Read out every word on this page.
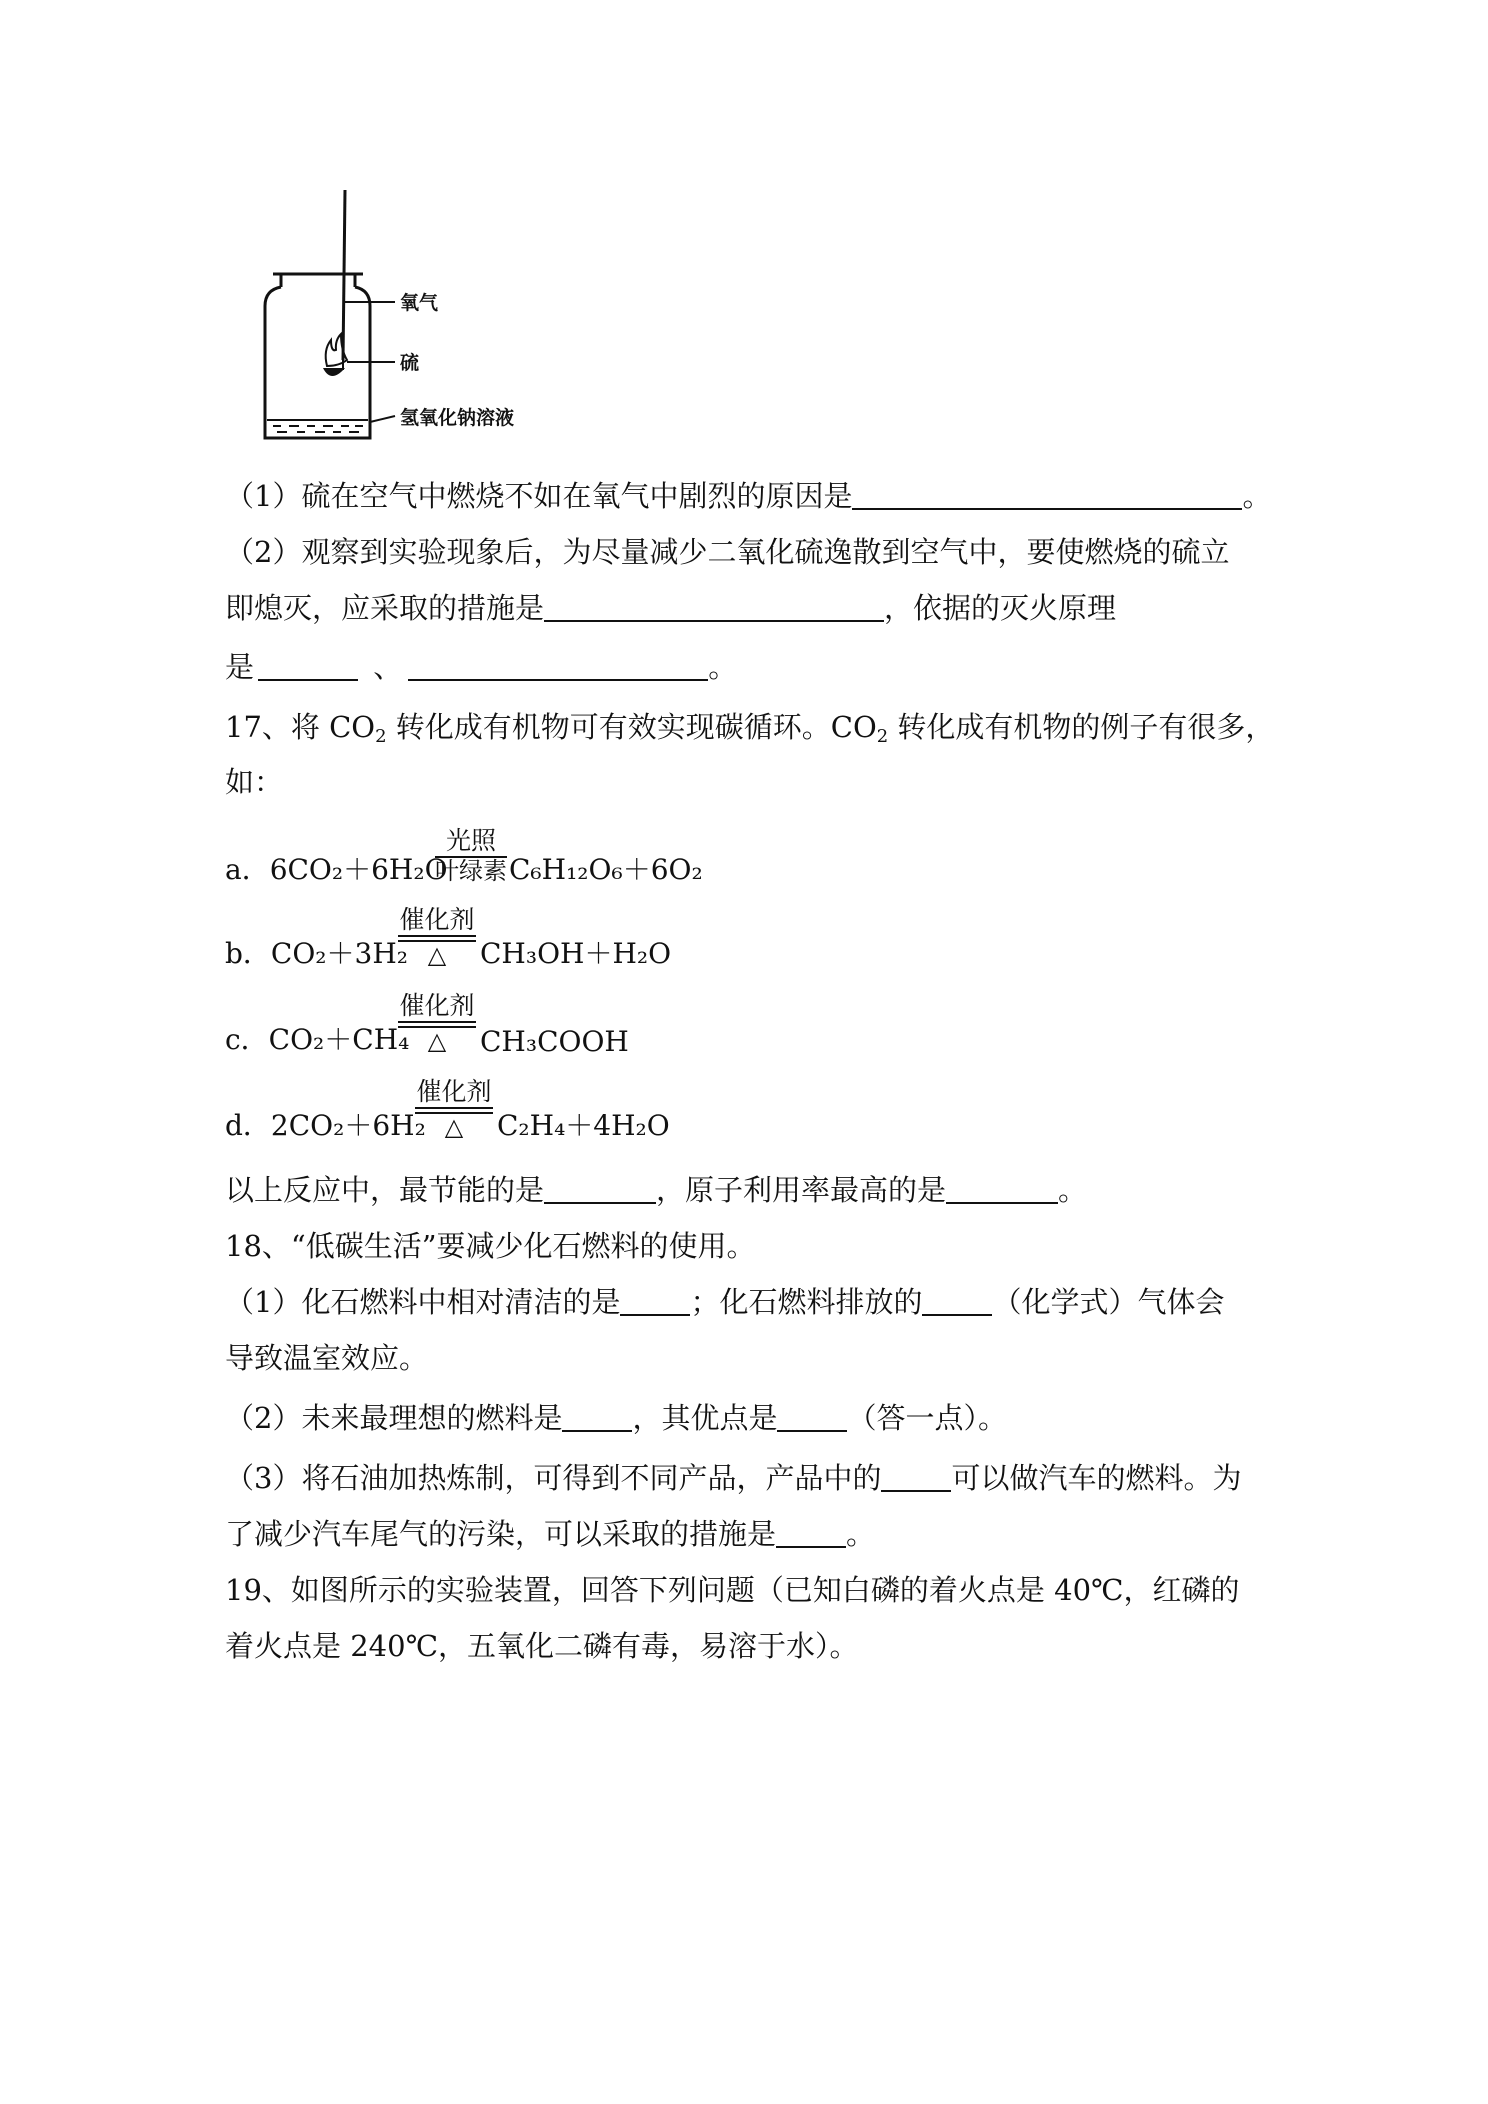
氧气
硫
氢氧化钠溶液
（1）硫在空气中燃烧不如在氧气中剧烈的原因是	。
（2）观察到实验现象后，为尽量减少二氧化硫逸散到空气中，要使燃烧的硫立
即熄灭，应采取的措施是	，依据的灭火原理
是	、	。
17、将 $CO_2$ 转化成有机物可有效实现碳循环。$CO_2$ 转化成有机物的例子有很多，
如：
a．6CO₂＋6H₂O
光照
叶绿素 C₆H₁₂O₆＋6O₂
b．CO₂＋3H₂
催化剂
△	CH₃OH＋H₂O
c．CO₂＋CH₄
催化剂
△	CH₃COOH
d．2CO₂＋6H₂
催化剂
△	C₂H₄＋4H₂O
以上反应中，最节能的是	，原子利用率最高的是	。
18、“低碳生活”要减少化石燃料的使用。
（1）化石燃料中相对清洁的是 ；化石燃料排放的 （化学式）气体会
导致温室效应。
（2）未来最理想的燃料是 ，其优点是 （答一点）。
（3）将石油加热炼制，可得到不同产品，产品中的 可以做汽车的燃料。为
了减少汽车尾气的污染，可以采取的措施是 。
19、如图所示的实验装置，回答下列问题（已知白磷的着火点是 40℃，红磷的
着火点是 240℃，五氧化二磷有毒，易溶于水）。
